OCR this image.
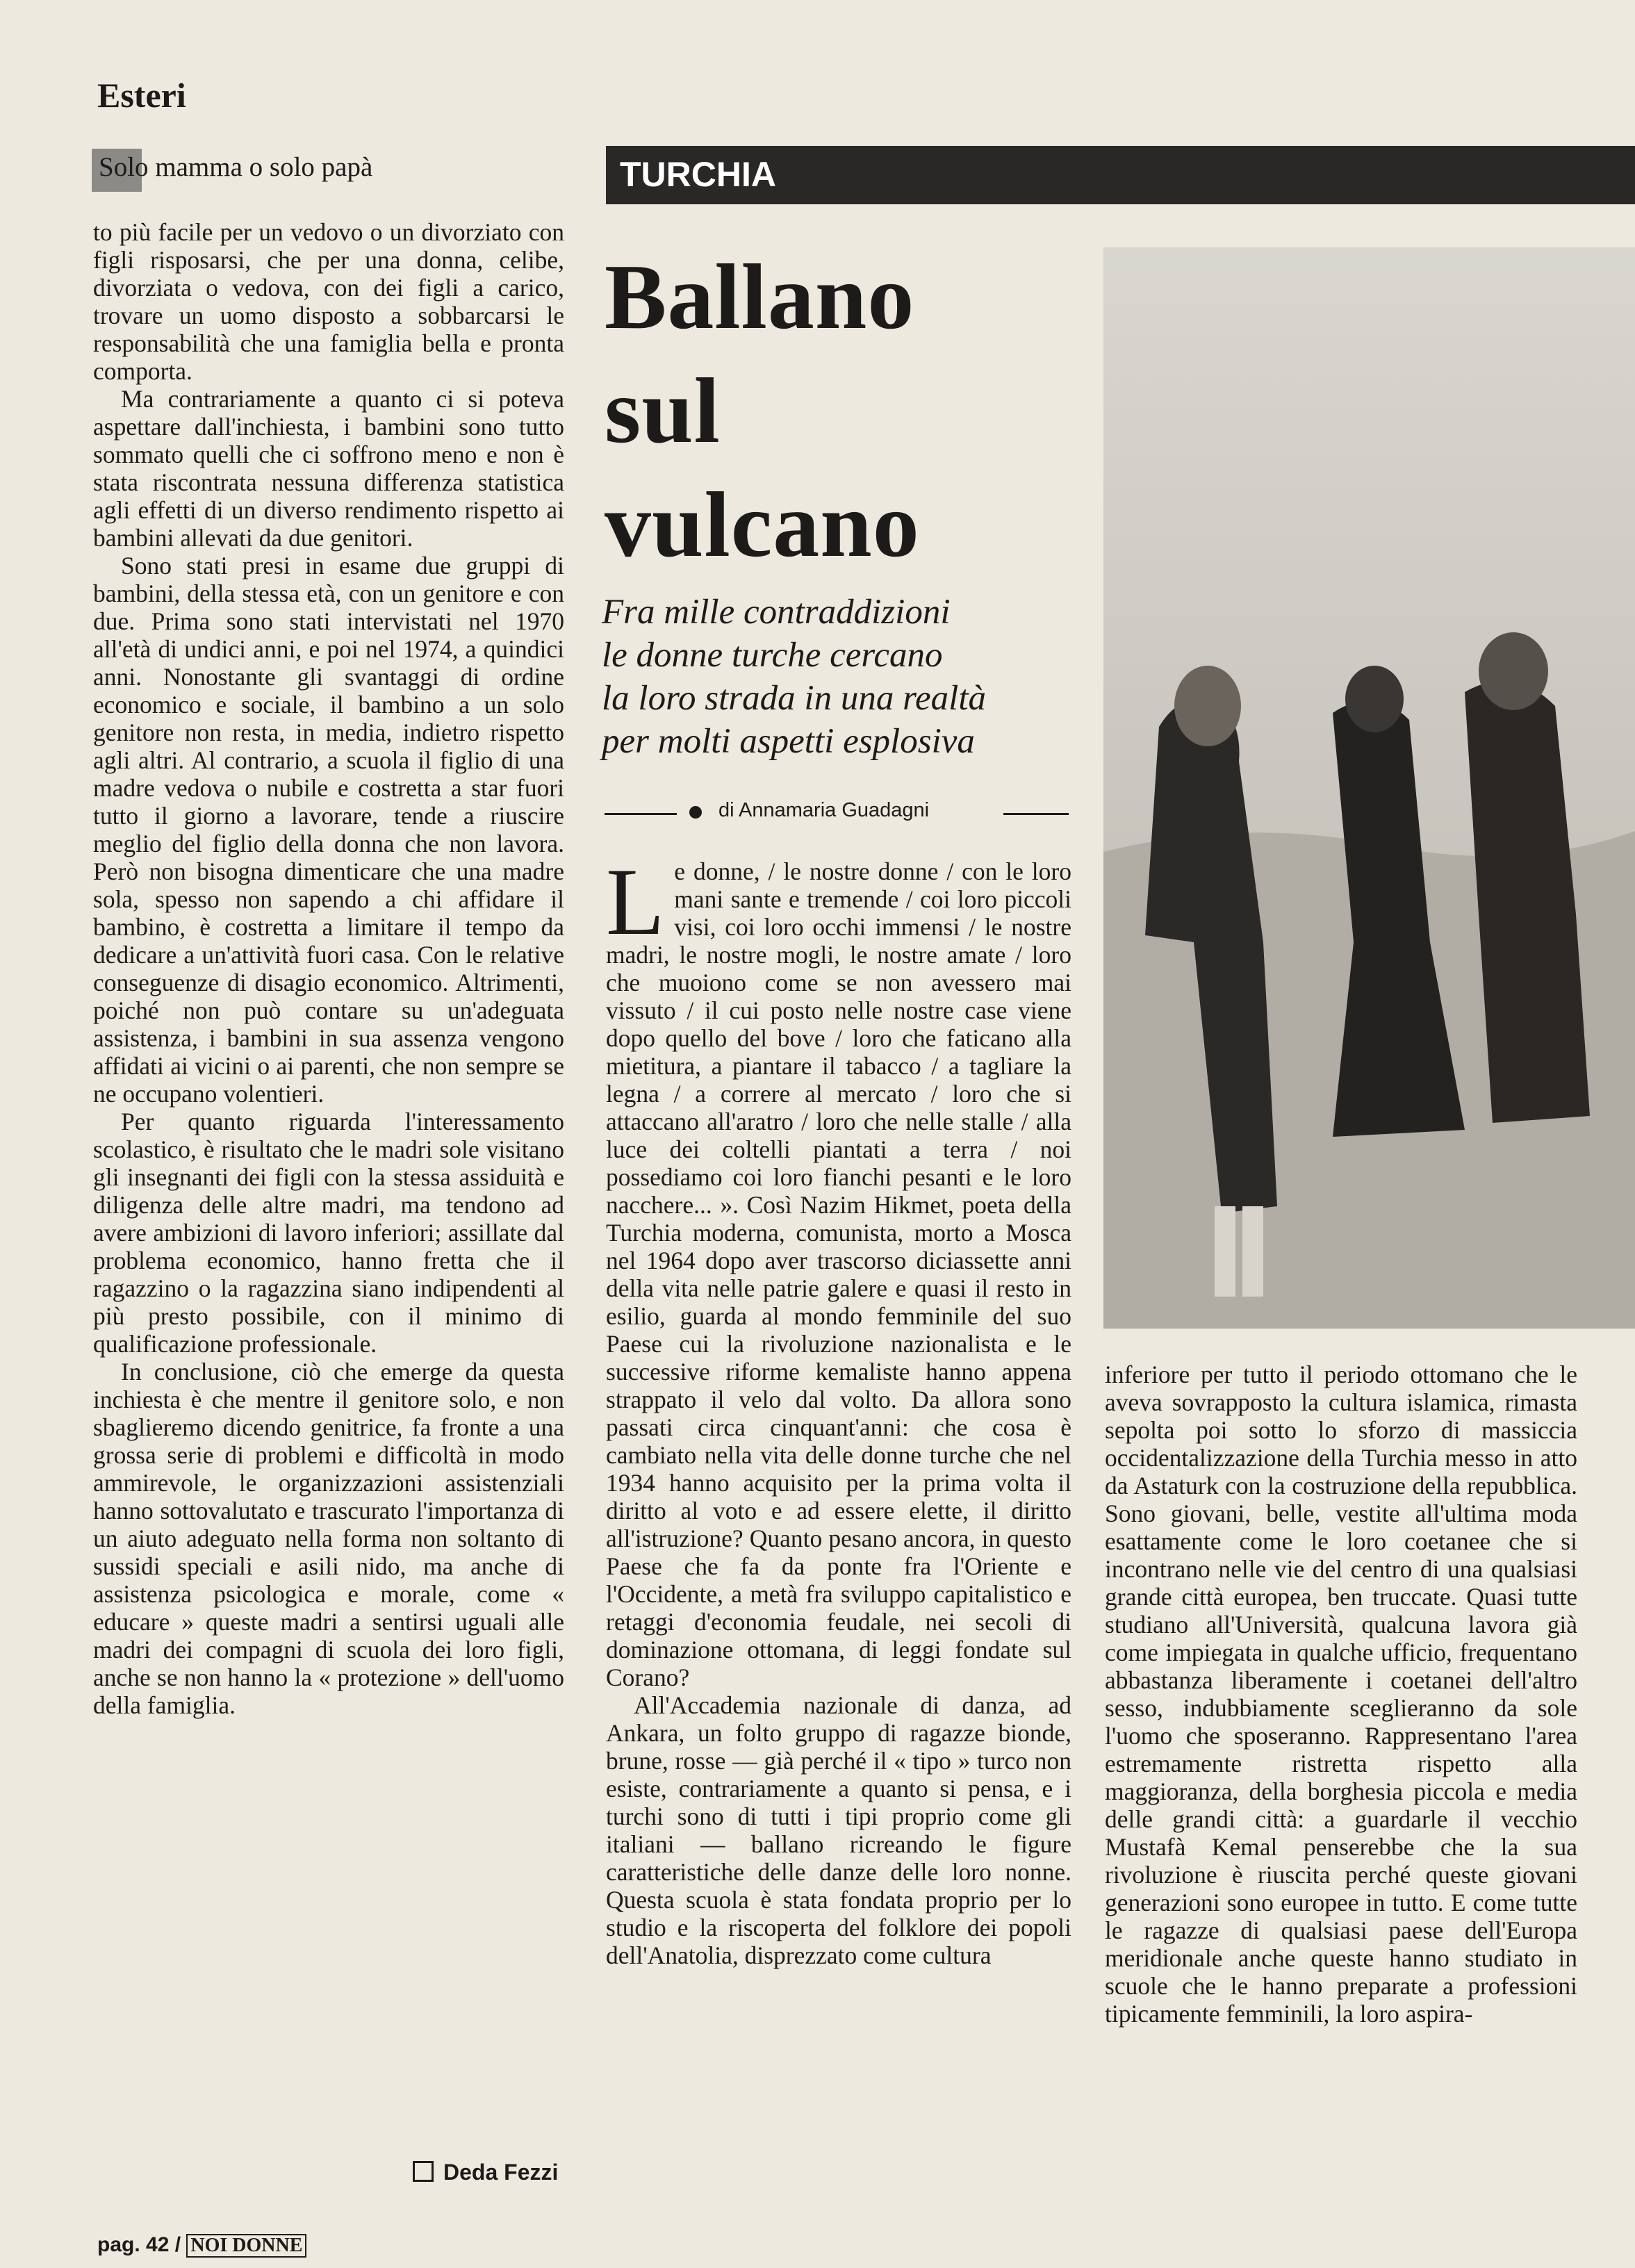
Esteri
Solo mamma o solo papà	TURCHIA

to più facile per un vedovo o un divorziato con figli risposarsi, che per una donna, celibe, divorziata o vedova, con dei figli a carico, trovare un uomo disposto a sobbarcarsi le responsabilità che una famiglia bella e pronta comporta.

Ma contrariamente a quanto ci si poteva aspettare dall'inchiesta, i bambini sono tutto sommato quelli che ci soffrono meno e non è stata riscontrata nessuna differenza statistica agli effetti di un diverso rendimento rispetto ai bambini allevati da due genitori.

Sono stati presi in esame due gruppi di bambini, della stessa età, con un genitore e con due. Prima sono stati intervistati nel 1970 all'età di undici anni, e poi nel 1974, a quindici anni. Nonostante gli svantaggi di ordine economico e sociale, il bambino a un solo genitore non resta, in media, indietro rispetto agli altri. Al contrario, a scuola il figlio di una madre vedova o nubile e costretta a star fuori tutto il giorno a lavorare, tende a riuscire meglio del figlio della donna che non lavora. Però non bisogna dimenticare che una madre sola, spesso non sapendo a chi affidare il bambino, è costretta a limitare il tempo da dedicare a un'attività fuori casa. Con le relative conseguenze di disagio economico. Altrimenti, poiché non può contare su un'adeguata assistenza, i bambini in sua assenza vengono affidati ai vicini o ai parenti, che non sempre se ne occupano volentieri.

Per quanto riguarda l'interessamento scolastico, è risultato che le madri sole visitano gli insegnanti dei figli con la stessa assiduità e diligenza delle altre madri, ma tendono ad avere ambizioni di lavoro inferiori; assillate dal problema economico, hanno fretta che il ragazzino o la ragazzina siano indipendenti al più presto possibile, con il minimo di qualificazione professionale.

In conclusione, ciò che emerge da questa inchiesta è che mentre il genitore solo, e non sbaglieremo dicendo genitrice, fa fronte a una grossa serie di problemi e difficoltà in modo ammirevole, le organizzazioni assistenziali hanno sottovalutato e trascurato l'importanza di un aiuto adeguato nella forma non soltanto di sussidi speciali e asili nido, ma anche di assistenza psicologica e morale, come « educare » queste madri a sentirsi uguali alle madri dei compagni di scuola dei loro figli, anche se non hanno la « protezione » dell'uomo della famiglia.

Deda Fezzi
Ballano
sul
vulcano

Fra mille contraddizioni
le donne turche cercano
la loro strada in una realtà
per molti aspetti esplosiva

di Annamaria Guadagni

Le donne, / le nostre donne / con le loro mani sante e tremende / coi loro piccoli visi, coi loro occhi immensi / le nostre madri, le nostre mogli, le nostre amate / loro che muoiono come se non avessero mai vissuto / il cui posto nelle nostre case viene dopo quello del bove / loro che faticano alla mietitura, a piantare il tabacco / a tagliare la legna / a correre al mercato / loro che si attaccano all'aratro / loro che nelle stalle / alla luce dei coltelli piantati a terra / noi possediamo coi loro fianchi pesanti e le loro nacchere... ». Così Nazim Hikmet, poeta della Turchia moderna, comunista, morto a Mosca nel 1964 dopo aver trascorso diciassette anni della vita nelle patrie galere e quasi il resto in esilio, guarda al mondo femminile del suo Paese cui la rivoluzione nazionalista e le successive riforme kemaliste hanno appena strappato il velo dal volto. Da allora sono passati circa cinquant'anni: che cosa è cambiato nella vita delle donne turche che nel 1934 hanno acquisito per la prima volta il diritto al voto e ad essere elette, il diritto all'istruzione? Quanto pesano ancora, in questo Paese che fa da ponte fra l'Oriente e l'Occidente, a metà fra sviluppo capitalistico e retaggi d'economia feudale, nei secoli di dominazione ottomana, di leggi fondate sul Corano?

All'Accademia nazionale di danza, ad Ankara, un folto gruppo di ragazze bionde, brune, rosse — già perché il « tipo » turco non esiste, contrariamente a quanto si pensa, e i turchi sono di tutti i tipi proprio come gli italiani — ballano ricreando le figure caratteristiche delle danze delle loro nonne. Questa scuola è stata fondata proprio per lo studio e la riscoperta del folklore dei popoli dell'Anatolia, disprezzato come cultura

inferiore per tutto il periodo ottomano che le aveva sovrapposto la cultura islamica, rimasta sepolta poi sotto lo sforzo di massiccia occidentalizzazione della Turchia messo in atto da Astaturk con la costruzione della repubblica. Sono giovani, belle, vestite all'ultima moda esattamente come le loro coetanee che si incontrano nelle vie del centro di una qualsiasi grande città europea, ben truccate. Quasi tutte studiano all'Università, qualcuna lavora già come impiegata in qualche ufficio, frequentano abbastanza liberamente i coetanei dell'altro sesso, indubbiamente sceglieranno da sole l'uomo che sposeranno. Rappresentano l'area estremamente ristretta rispetto alla maggioranza, della borghesia piccola e media delle grandi città: a guardarle il vecchio Mustafà Kemal penserebbe che la sua rivoluzione è riuscita perché queste giovani generazioni sono europee in tutto. E come tutte le ragazze di qualsiasi paese dell'Europa meridionale anche queste hanno studiato in scuole che le hanno preparate a professioni tipicamente femminili, la loro aspira-

pag. 42 / NOI DONNE
